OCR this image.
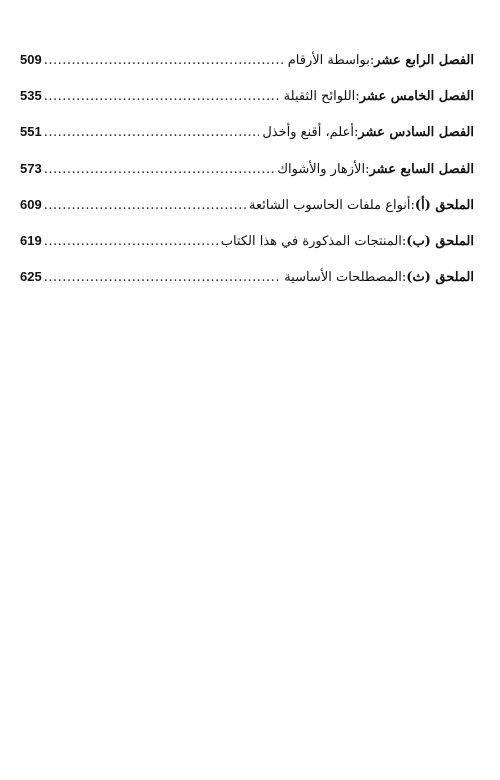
الفصل الرابع عشر
:
بواسطة الأرقام
.....
509
الفصل الخامس عشر
:
اللوائح الثقيلة
.....
535
الفصل السادس عشر
:
أعلم، أقنع وأخذل
.....
551
الفصل السابع عشر
:
الأزهار والأشواك
.....
573
الملحق (أ)
:
أنواع ملفات الحاسوب الشائعة
.....
609
الملحق (ب)
:
المنتجات المذكورة في هذا الكتاب
.....
619
الملحق (ث)
:
المصطلحات الأساسية
.....
625
